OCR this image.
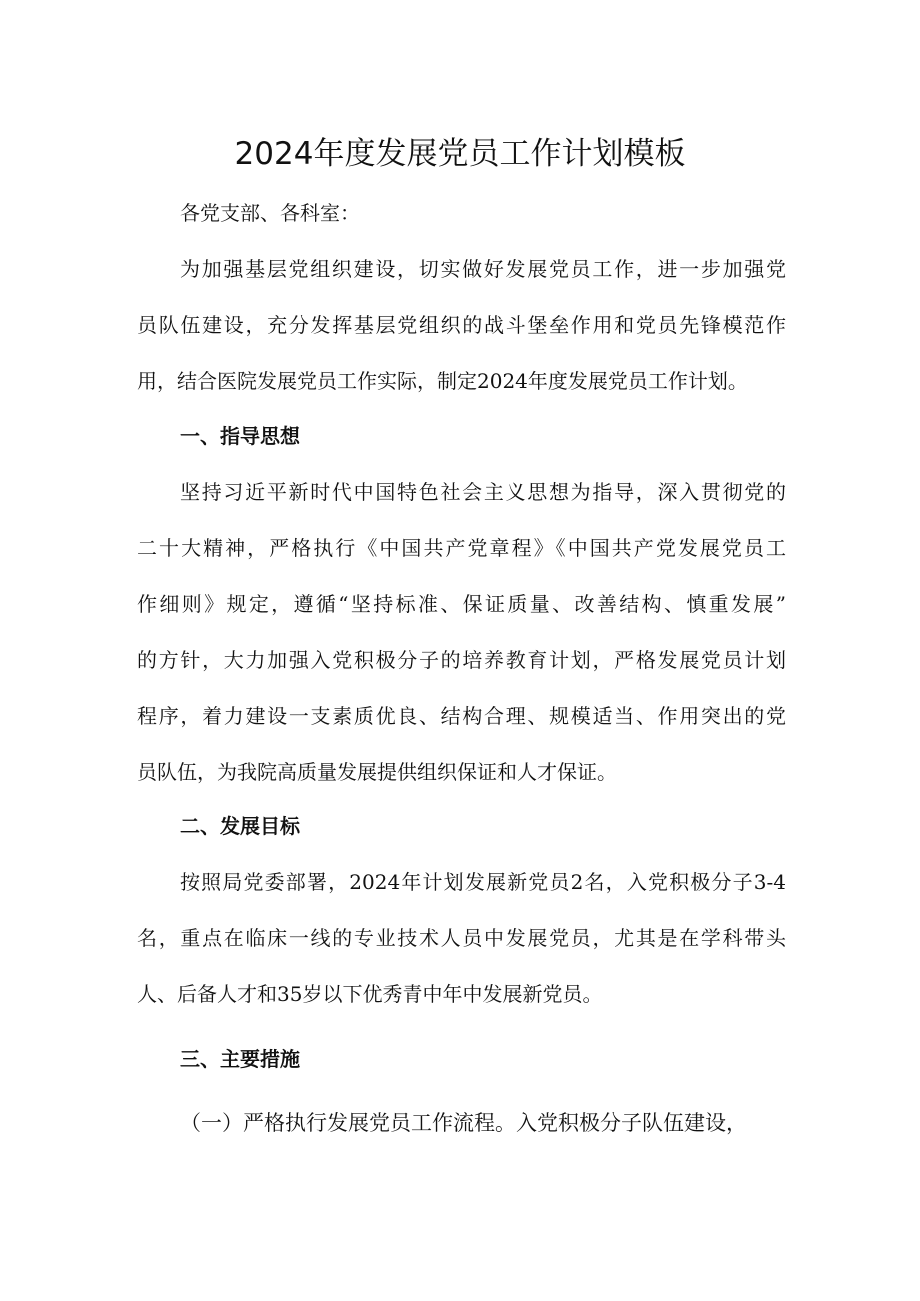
2024年度发展党员工作计划模板
各党支部、各科室：
为加强基层党组织建设，切实做好发展党员工作，进一步加强党
员队伍建设，充分发挥基层党组织的战斗堡垒作用和党员先锋模范作
用，结合医院发展党员工作实际，制定2024年度发展党员工作计划。
一、指导思想
坚持习近平新时代中国特色社会主义思想为指导，深入贯彻党的
二十大精神，严格执行《中国共产党章程》《中国共产党发展党员工
作细则》规定，遵循“坚持标准、保证质量、改善结构、慎重发展”
的方针，大力加强入党积极分子的培养教育计划，严格发展党员计划
程序，着力建设一支素质优良、结构合理、规模适当、作用突出的党
员队伍，为我院高质量发展提供组织保证和人才保证。
二、发展目标
按照局党委部署，2024年计划发展新党员2名，入党积极分子3-4
名，重点在临床一线的专业技术人员中发展党员，尤其是在学科带头
人、后备人才和35岁以下优秀青中年中发展新党员。
三、主要措施
（一）严格执行发展党员工作流程。入党积极分子队伍建设，
